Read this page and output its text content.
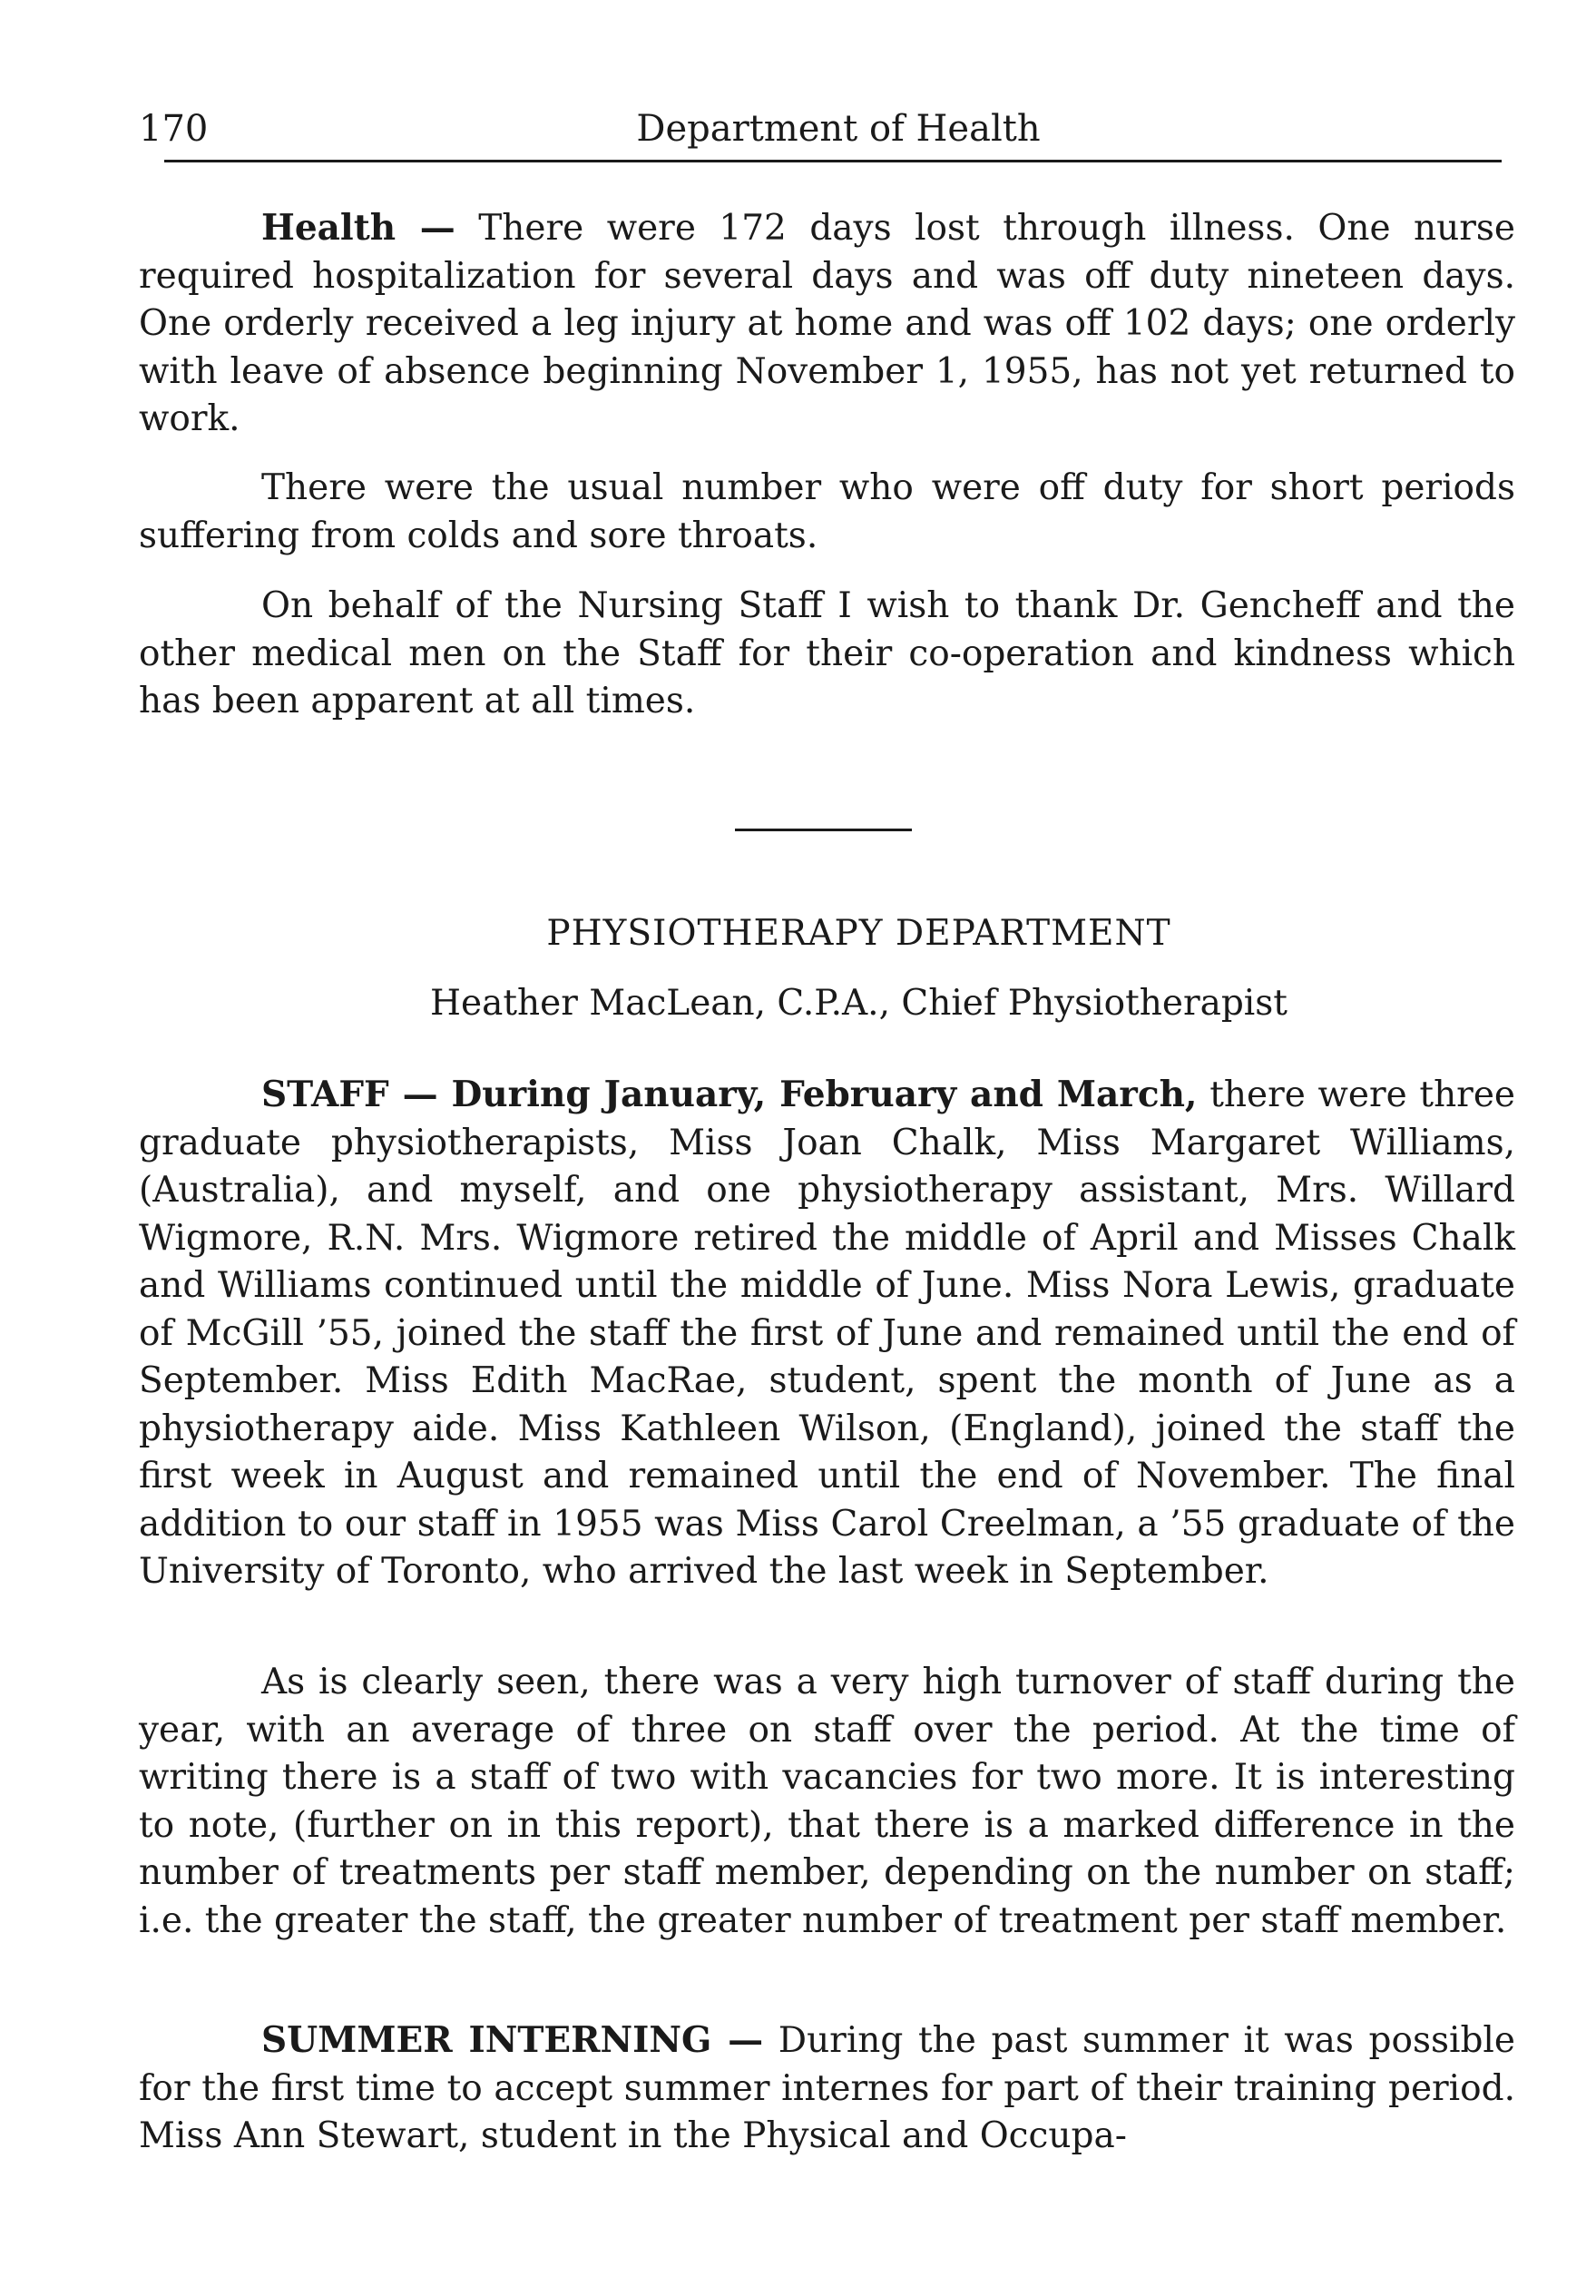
170	Department of Health

Health — There were 172 days lost through illness. One nurse required hospitalization for several days and was off duty nineteen days. One orderly received a leg injury at home and was off 102 days; one orderly with leave of absence beginning November 1, 1955, has not yet returned to work.

There were the usual number who were off duty for short periods suffering from colds and sore throats.

On behalf of the Nursing Staff I wish to thank Dr. Gencheff and the other medical men on the Staff for their co-operation and kindness which has been apparent at all times.

PHYSIOTHERAPY DEPARTMENT
Heather MacLean, C.P.A., Chief Physiotherapist

STAFF — During January, February and March, there were three graduate physiotherapists, Miss Joan Chalk, Miss Margaret Williams, (Australia), and myself, and one physiotherapy assistant, Mrs. Willard Wigmore, R.N. Mrs. Wigmore retired the middle of April and Misses Chalk and Williams continued until the middle of June. Miss Nora Lewis, graduate of McGill ’55, joined the staff the first of June and remained until the end of September. Miss Edith MacRae, student, spent the month of June as a physiotherapy aide. Miss Kathleen Wilson, (England), joined the staff the first week in August and remained until the end of November. The final addition to our staff in 1955 was Miss Carol Creelman, a ’55 graduate of the University of Toronto, who arrived the last week in September.

As is clearly seen, there was a very high turnover of staff during the year, with an average of three on staff over the period. At the time of writing there is a staff of two with vacancies for two more. It is interesting to note, (further on in this report), that there is a marked difference in the number of treatments per staff member, depending on the number on staff; i.e. the greater the staff, the greater number of treatment per staff member.

SUMMER INTERNING — During the past summer it was possible for the first time to accept summer internes for part of their training period. Miss Ann Stewart, student in the Physical and Occupa-
